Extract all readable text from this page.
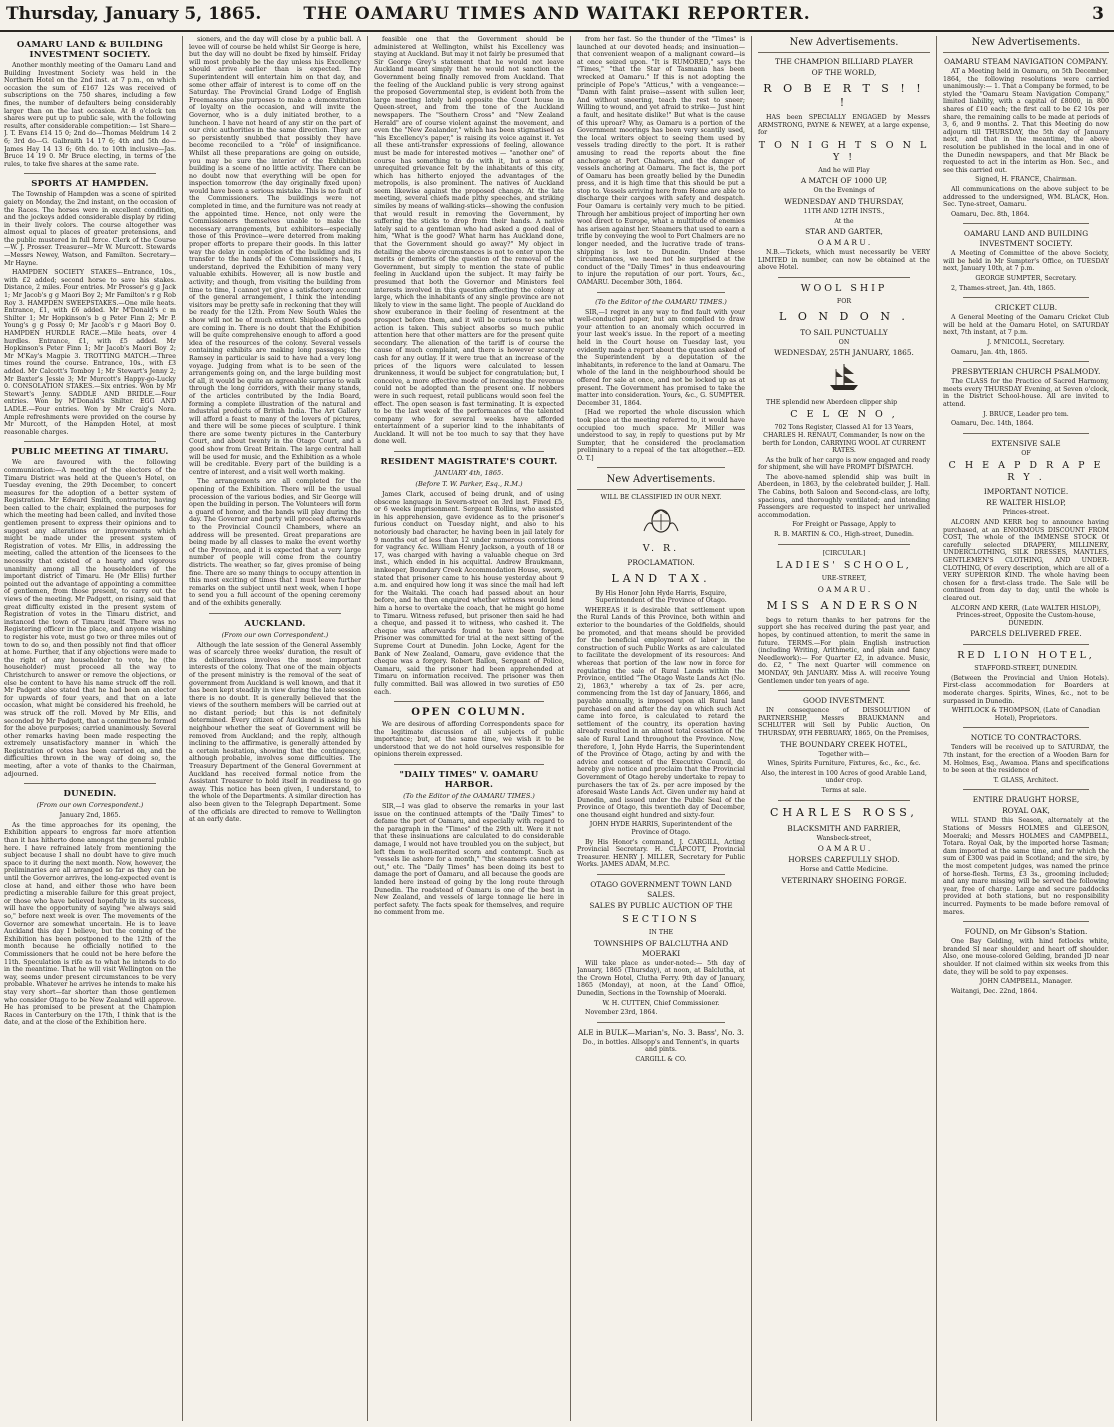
Thursday, January 5, 1865.	THE OAMARU TIMES AND WAITAKI REPORTER.	3
OAMARU LAND & BUILDING INVESTMENT SOCIETY.

Another monthly meeting of the Oamaru Land and Building Investment Society was held in the Northern Hotel on the 2nd inst. at 7 p.m., on which occasion the sum of £167 12s was received of subscriptions on the 750 shares, including a few fines, the number of defaulters being considerably larger than on the last occasion. At 8 o'clock ten shares were put up to public sale, with the following results, after considerable competition:— 1st Share—J. T. Evans £14 15 0; 2nd do—Thomas Meldrum 14 2 6; 3rd do—G. Galbraith 14 17 6; 4th and 5th do—James Hay 14 13 6; 6th do. to 10th inclusive—Jas. Bruce 14 19 0. Mr Bruce electing, in terms of the rules, to take five shares at the same rate.

SPORTS AT HAMPDEN.

The Township of Hampden was a scene of spirited gaiety on Monday, the 2nd instant, on the occasion of the Races. The horses were in excellent condition, and the jockeys added considerable display by riding in their lively colors. The course altogether was almost equal to places of greater pretensions, and the public mustered in full force. Clerk of the Course—W. J. Prosser. Treasurer—Mr W. Murcott. Stewards—Messrs Newey, Watson, and Familton. Secretary—Mr Hayne.

HAMPDEN SOCIETY STAKES—Entrance, 10s., with £2 added; second horse to save his stakes. Distance, 2 miles. Four entries. Mr Prosser's g g Jack 1; Mr Jacob's g g Maori Boy 2; Mr Familton's r g Rob Roy 3. HAMPDEN SWEEPSTAKES.—One mile heats. Entrance, £1, with £6 added. Mr M'Donald's c m Shilter 1; Mr Hopkinson's b g Peter Finn 2; Mr P. Young's g g Possy 0; Mr Jacob's r g Maori Boy 0. HAMPDEN HURDLE RACE.—Mile heats, over 4 hurdles. Entrance, £1, with £5 added. Mr Hopkinson's Peter Finn 1; Mr Jacob's Maori Boy 2; Mr M'Kay's Magpie 3. TROTTING MATCH.—Three times round the course. Entrance, 10s., with £3 added. Mr Calcott's Tomboy 1; Mr Stewart's Jenny 2; Mr Baxter's Jessie 3; Mr Murcott's Happy-go-Lucky 0. CONSOLATION STAKES.—Six entries. Won by Mr Stewart's Jenny. SADDLE AND BRIDLE.—Four entries. Won by M'Donald's Shilter. EGG AND LADLE.—Four entries. Won by Mr Craig's Nora. Ample refreshments were provided on the course by Mr Murcott, of the Hampden Hotel, at most reasonable charges.

PUBLIC MEETING AT TIMARU.

We are favoured with the following communication:—A meeting of the electors of the Timaru District was held at the Queen's Hotel, on Tuesday evening, the 29th December, to concert measures for the adoption of a better system of Registration. Mr Edward Smith, contractor, having been called to the chair, explained the purposes for which the meeting had been called, and invited those gentlemen present to express their opinions and to suggest any alterations or improvements which might be made under the present system of Registration of votes. Mr Ellis, in addressing the meeting, called the attention of the licensees to the necessity that existed of a hearty and vigorous unanimity among all the householders of the important district of Timaru. He (Mr Ellis) further pointed out the advantage of appointing a committee of gentlemen, from those present, to carry out the views of the meeting. Mr Padgett, on rising, said that great difficulty existed in the present system of Registration of votes in the Timaru district, and instanced the town of Timaru itself. There was no Registering officer in the place, and anyone wishing to register his vote, must go two or three miles out of town to do so, and then possibly not find that officer at home. Further, that if any objections were made to the right of any householder to vote, he (the householder) must proceed all the way to Christchurch to answer or remove the objections, or else be content to have his name struck off the roll. Mr Padgett also stated that he had been an elector for upwards of four years, and that on a late occasion, what might be considered his freehold, he was struck off the roll. Moved by Mr Ellis, and seconded by Mr Padgett, that a committee be formed for the above purposes; carried unanimously. Several other remarks having been made respecting the extremely unsatisfactory manner in which the Registration of votes has been carried on, and the difficulties thrown in the way of doing so, the meeting, after a vote of thanks to the Chairman, adjourned.

DUNEDIN.
(From our own Correspondent.)

January 2nd, 1865.

As the time approaches for its opening, the Exhibition appears to engross far more attention than it has hitherto done amongst the general public here. I have refrained lately from mentioning the subject because I shall no doubt have to give much space to it during the next month. Now, however, the preliminaries are all arranged so far as they can be until the Governor arrives, the long-expected event is close at hand, and either those who have been predicting a miserable failure for this great project, or those who have believed hopefully in its success, will have the opportunity of saying "we always said so," before next week is over. The movements of the Governor are somewhat uncertain. He is to leave Auckland this day I believe, but the coming of the Exhibition has been postponed to the 12th of the month because he officially notified to the Commissioners that he could not be here before the 11th. Speculation is rife as to what he intends to do in the meantime. That he will visit Wellington on the way, seems under present circumstances to be very probable. Whatever he arrives he intends to make his stay very short—far shorter than those gentlemen who consider Otago to be New Zealand will approve. He has promised to be present at the Champion Races in Canterbury on the 17th, I think that is the date, and at the close of the Exhibition here.

sioners, and the day will close by a public ball. A levee will of course be held whilst Sir George is here, but the day will no doubt be fixed by himself. Friday will most probably be the day unless his Excellency should arrive earlier than is expected. The Superintendent will entertain him on that day, and some other affair of interest is to come off on the Saturday. The Provincial Grand Lodge of English Freemasons also purposes to make a demonstration of loyalty on the occasion, and will invite the Governor, who is a duly initiated brother, to a luncheon. I have not heard of any stir on the part of our civic authorities in the same direction. They are so persistently snubbed that possibly they have become reconciled to a "rôle" of insignificance. Whilst all these preparations are going on outside, you may be sure the interior of the Exhibition building is a scene of no little activity. There can be no doubt now that everything will be open for inspection tomorrow (the day originally fixed upon) would have been a serious mistake. This is no fault of the Commissioners. The buildings were not completed in time, and the furniture was not ready at the appointed time. Hence, not only were the Commissioners themselves unable to make the necessary arrangements, but exhibitors—especially those of this Province—were deterred from making proper efforts to prepare their goods. In this latter way the delay in completion of the building and its transfer to the hands of the Commissioners has, I understand, deprived the Exhibition of many very valuable exhibits. However, all is now bustle and activity; and though, from visiting the building from time to time, I cannot yet give a satisfactory account of the general arrangement, I think the intending visitors may be pretty safe in reckoning that they will be ready for the 12th. From New South Wales the show will not be of much extent. Shiploads of goods are coming in. There is no doubt that the Exhibition will be quite comprehensive enough to afford a good idea of the resources of the colony. Several vessels containing exhibits are making long passages; the Ramsey in particular is said to have had a very long voyage. Judging from what is to be seen of the arrangements going on, and the large building most of all, it would be quite an agreeable surprise to walk through the long corridors, with their many stands, of the articles contributed by the India Board, forming a complete illustration of the natural and industrial products of British India. The Art Gallery will afford a feast to many of the lovers of pictures, and there will be some pieces of sculpture. I think there are some twenty pictures in the Canterbury Court, and about twenty in the Otago Court, and a good show from Great Britain. The large central hall will be used for music, and the Exhibition as a whole will be creditable. Every part of the building is a centre of interest, and a visit well worth making.

The arrangements are all completed for the opening of the Exhibition. There will be the usual procession of the various bodies, and Sir George will open the building in person. The Volunteers will form a guard of honor, and the bands will play during the day. The Governor and party will proceed afterwards to the Provincial Council Chambers, where an address will be presented. Great preparations are being made by all classes to make the event worthy of the Province, and it is expected that a very large number of people will come from the country districts. The weather, so far, gives promise of being fine. There are so many things to occupy attention in this most exciting of times that I must leave further remarks on the subject until next week, when I hope to send you a full account of the opening ceremony and of the exhibits generally.

AUCKLAND.
(From our own Correspondent.)

Although the late session of the General Assembly was of scarcely three weeks' duration, the result of its deliberations involves the most important interests of the colony. That one of the main objects of the present ministry is the removal of the seat of government from Auckland is well known, and that it has been kept steadily in view during the late session there is no doubt. It is generally believed that the views of the southern members will be carried out at no distant period; but this is not definitely determined. Every citizen of Auckland is asking his neighbour whether the seat of Government will be removed from Auckland; and the reply, although inclining to the affirmative, is generally attended by a certain hesitation, showing that the contingency, although probable, involves some difficulties. The Treasury Department of the General Government at Auckland has received formal notice from the Assistant Treasurer to hold itself in readiness to go away. This notice has been given, I understand, to the whole of the Departments. A similar direction has also been given to the Telegraph Department. Some of the officials are directed to remove to Wellington at an early date.

feasible one that the Government should be administered at Wellington, whilst his Excellency was staying at Auckland. But may it not fairly be presumed that Sir George Grey's statement that he would not leave Auckland meant simply that he would not sanction the Government being finally removed from Auckland. That the feeling of the Auckland public is very strong against the proposed Governmental step, is evident both from the large meeting lately held opposite the Court house in Queen-street, and from the tone of the Auckland newspapers. The "Southern Cross" and "New Zealand Herald" are of course violent against the movement, and even the "New Zealander," which has been stigmatised as "his Excellency's paper," is raising its voice against it. Yet all these anti-transfer expressions of feeling, allowance must be made for interested motives — "another one" of course has something to do with it, but a sense of unrequited grievance felt by the inhabitants of this city, which has hitherto enjoyed the advantages of the metropolis, is also prominent. The natives of Auckland seem likewise against the proposed change. At the late meeting, several chiefs made pithy speeches, and striking similes by means of walking-sticks—showing the confusion that would result in removing the Government, by suffering the sticks to drop from their hands. A native lately said to a gentleman who had asked a good deal of him, "What is the good? What harm has Auckland done, that the Government should go away?" My object in detailing the above circumstances is not to enter upon the merits or demerits of the question of the removal of the Government, but simply to mention the state of public feeling in Auckland upon the subject. It may fairly be presumed that both the Governor and Ministers feel interests involved in this question affecting the colony at large, which the inhabitants of any single province are not likely to view in the same light. The people of Auckland do show exuberance in their feeling of resentment at the prospect before them, and it will be curious to see what action is taken. This subject absorbs so much public attention here that other matters are for the present quite secondary. The alienation of the tariff is of course the cause of much complaint, and there is however scarcely cash for any outlay. If it were true that an increase of the prices of the liquors were calculated to lessen drunkenness, it would be subject for congratulation; but, I conceive, a more effective mode of increasing the revenue could not be adopted than the present one. If nobbers were in such request, retail publicans would soon feel the effect. The open season is fast terminating. It is expected to be the last week of the performances of the talented company who for several weeks have afforded entertainment of a superior kind to the inhabitants of Auckland. It will not be too much to say that they have done well.

RESIDENT MAGISTRATE'S COURT.
JANUARY 4th, 1865.
(Before T. W. Parker, Esq., R.M.)

James Clark, accused of being drunk, and of using obscene language in Severn-street on 3rd inst. Fined £5, or 6 weeks imprisonment. Sergeant Rollins, who assisted in his apprehension, gave evidence as to the prisoner's furious conduct on Tuesday night, and also to his notoriously bad character, he having been in jail lately for 9 months out of less than 12 under numerous convictions for vagrancy &c. William Henry Jackson, a youth of 18 or 17, was charged with having a valuable cheque on 3rd inst., which ended in his acquittal. Andrew Braukmann, innkeeper, Boundary Creek Accommodation House, sworn, stated that prisoner came to his house yesterday about 9 a.m. and enquired how long it was since the mail had left for the Waitaki. The coach had passed about an hour before, and he then enquired whether witness would lend him a horse to overtake the coach, that he might go home to Timaru. Witness refused, but prisoner then said he had a cheque, and passed it to witness, who cashed it. The cheque was afterwards found to have been forged. Prisoner was committed for trial at the next sitting of the Supreme Court at Dunedin. John Locke, Agent for the Bank of New Zealand, Oamaru, gave evidence that the cheque was a forgery. Robert Ballon, Sergeant of Police, Oamaru, said the prisoner had been apprehended at Timaru on information received. The prisoner was then fully committed. Bail was allowed in two sureties of £50 each.

OPEN COLUMN.

We are desirous of affording Correspondents space for the legitimate discussion of all subjects of public importance; but, at the same time, we wish it to be understood that we do not hold ourselves responsible for opinions therein expressed.

"DAILY TIMES" V. OAMARU HARBOR.
(To the Editor of the OAMARU TIMES.)

SIR,—I was glad to observe the remarks in your last issue on the continued attempts of the "Daily Times" to defame the port of Oamaru, and especially with regard to the paragraph in the "Times" of the 29th ult. Were it not that these insinuations are calculated to do considerable damage, I would not have troubled you on the subject, but left them to well-merited scorn and contempt. Such as "vessels lie ashore for a month," "the steamers cannot get out," etc. The "Daily Times" has been doing its best to damage the port of Oamaru, and all because the goods are landed here instead of going by the long route through Dunedin. The roadstead of Oamaru is one of the best in New Zealand, and vessels of large tonnage lie here in perfect safety. The facts speak for themselves, and require no comment from me.

from her fast. So the thunder of the "Times" is launched at our devoted heads; and insinuation—that convenient weapon of a malignant coward—is at once seized upon. "It is RUMORED," says the "Times," "that the Star of Tasmania has been wrecked at Oamaru." If this is not adopting the principle of Pope's "Atticus," with a vengeance:— "Damn with faint praise—assent with sullen leer, And without sneering, teach the rest to sneer; Willing to wound, and yet afraid to strike— Just hint a fault, and hesitate dislike!" But what is the cause of this uproar? Why, as Oamaru is a portion of the Government moorings has been very scantily used, the local writers object to seeing them used by vessels trading directly to the port. It is rather amusing to read the reports about the fine anchorage at Port Chalmers, and the danger of vessels anchoring at Oamaru. The fact is, the port of Oamaru has been greatly belied by the Dunedin press, and it is high time that this should be put a stop to. Vessels arriving here from Home are able to discharge their cargoes with safety and despatch. Four Oamaru is certainly very much to be pitied. Through her ambitious project of importing her own wool direct to Europe, what a multitude of enemies has arisen against her. Steamers that used to earn a trifle by conveying the wool to Port Chalmers are no longer needed, and the lucrative trade of trans-shipping is lost to Dunedin. Under these circumstances, we need not be surprised at the conduct of the "Daily Times" in thus endeavouring to injure the reputation of our port. Yours, &c., OAMARU. December 30th, 1864.

(To the Editor of the OAMARU TIMES.)

SIR,—I regret in any way to find fault with your well-conducted paper, but am compelled to draw your attention to an anomaly which occurred in your last week's issue. In the report of a meeting held in the Court house on Tuesday last, you evidently made a report about the question asked of the Superintendent by a deputation of the inhabitants, in reference to the land at Oamaru. The whole of the land in the neighbourhood should be offered for sale at once, and not be locked up as at present. The Government has promised to take the matter into consideration. Yours, &c., G. SUMPTER. December 31, 1864.

[Had we reported the whole discussion which took place at the meeting referred to, it would have occupied too much space. Mr Miller was understood to say, in reply to questions put by Mr Sumpter, that he considered the proclamation preliminary to a repeal of the tax altogether.—ED. O. T.]

New Advertisements.

WILL BE CLASSIFIED IN OUR NEXT.

V. R.

PROCLAMATION.

LAND TAX.

By His Honor John Hyde Harris, Esquire, Superintendent of the Province of Otago.

WHEREAS it is desirable that settlement upon the Rural Lands of this Province, both within and exterior to the boundaries of the Goldfields, should be promoted, and that means should be provided for the beneficial employment of labor in the construction of such Public Works as are calculated to facilitate the development of its resources: And whereas that portion of the law now in force for regulating the sale of Rural Lands within the Province, entitled "The Otago Waste Lands Act (No. 2), 1863," whereby a tax of 2s. per acre, commencing from the 1st day of January, 1866, and payable annually, is imposed upon all Rural land purchased on and after the day on which such Act came into force, is calculated to retard the settlement of the country, its operation having already resulted in an almost total cessation of the sale of Rural Land throughout the Province. Now, therefore, I, John Hyde Harris, the Superintendent of the Province of Otago, acting by and with the advice and consent of the Executive Council, do hereby give notice and proclaim that the Provincial Government of Otago hereby undertake to repay to purchasers the tax of 2s. per acre imposed by the aforesaid Waste Lands Act. Given under my hand at Dunedin, and issued under the Public Seal of the Province of Otago, this twentieth day of December, one thousand eight hundred and sixty-four.

JOHN HYDE HARRIS, Superintendent of the Province of Otago.

By His Honor's command, J. CARGILL, Acting Provincial Secretary. H. CLAPCOTT, Provincial Treasurer. HENRY J. MILLER, Secretary for Public Works. JAMES ADAM, M.P.C.

OTAGO GOVERNMENT TOWN LAND SALES.

SALES BY PUBLIC AUCTION OF THE

SECTIONS

IN THE

TOWNSHIPS OF BALCLUTHA AND MOERAKI

Will take place as under-noted:— 5th day of January, 1865 (Thursday), at noon, at Balclutha, at the Crown Hotel, Clutha Ferry. 9th day of January, 1865 (Monday), at noon, at the Land Office, Dunedin, Sections in the Township of Moeraki.

W. H. CUTTEN, Chief Commissioner.

November 23rd, 1864.

ALE in BULK—Marian's, No. 3. Bass', No. 3.

Do., in bottles. Allsopp's and Tennent's, in quarts and pints.

CARGILL & CO.

New Advertisements.

THE CHAMPION BILLIARD PLAYER

OF THE WORLD,

R O B E R T S ! ! !

HAS been SPECIALLY ENGAGED by Messrs ARMSTRONG, PAYNE & NEWEY, at a large expense, for

T O N I G H T S O N L Y !

And he will Play

A MATCH OF 1000 UP,

On the Evenings of

WEDNESDAY AND THURSDAY,

11TH AND 12TH INSTS.,

At the

STAR AND GARTER,

O A M A R U .

N.B.—Tickets, which must necessarily be VERY LIMITED in number, can now be obtained at the above Hotel.

WOOL SHIP

FOR

L O N D O N .

TO SAIL PUNCTUALLY

ON

WEDNESDAY, 25TH JANUARY, 1865.

THE splendid new Aberdeen clipper ship

C E L Œ N O ,

702 Tons Register, Classed A1 for 13 Years, CHARLES H. RENAUT, Commander, Is now on the berth for London, CARRYING WOOL AT CURRENT RATES.

As the bulk of her cargo is now engaged and ready for shipment, she will have PROMPT DISPATCH.

The above-named splendid ship was built in Aberdeen, in 1863, by the celebrated builder, J. Hall. The Cabins, both Saloon and Second-class, are lofty, spacious, and thoroughly ventilated; and intending Passengers are requested to inspect her unrivalled accommodation.

For Freight or Passage, Apply to

R. B. MARTIN & CO., High-street, Dunedin.

[CIRCULAR.]

LADIES' SCHOOL,

URE-STREET,

O A M A R U .

MISS ANDERSON

begs to return thanks to her patrons for the support she has received during the past year, and hopes, by continued attention, to merit the same in future. TERMS.—For plain English instruction (including Writing, Arithmetic, and plain and fancy Needlework):— For Quarter £2, in advance. Music, do. £2, " The next Quarter will commence on MONDAY, 9th JANUARY. Miss A. will receive Young Gentlemen under ten years of age.

GOOD INVESTMENT.

IN consequence of DISSOLUTION of PARTNERSHIP, Messrs BRAUKMANN and SCHLUTER will Sell by Public Auction, On THURSDAY, 9TH FEBRUARY, 1865, On the Premises,

THE BOUNDARY CREEK HOTEL,

Together with—

Wines, Spirits Furniture, Fixtures, &c., &c., &c.

Also, the interest in 100 Acres of good Arable Land, under crop.

Terms at sale.

CHARLES ROSS,

BLACKSMITH AND FARRIER,

Wansbeck-street,

O A M A R U .

HORSES CAREFULLY SHOD.

Horse and Cattle Medicine.

VETERINARY SHOEING FORGE.

New Advertisements.

OAMARU STEAM NAVIGATION COMPANY.

AT a Meeting held in Oamaru, on 5th December, 1864, the following resolutions were carried unanimously:— 1. That a Company be formed, to be styled the "Oamaru Steam Navigation Company," limited liability, with a capital of £8000, in 800 shares of £10 each; the first call to be £2 10s per share, the remaining calls to be made at periods of 3, 6, and 9 months. 2. That this Meeting do now adjourn till THURSDAY, the 5th day of January next, and that in the meantime, the above resolution be published in the local and in one of the Dunedin newspapers, and that Mr Black be requested to act in the interim as Hon. Sec., and see this carried out.

Signed, H. FRANCE, Chairman.

All communications on the above subject to be addressed to the undersigned, WM. BLACK, Hon. Sec. Tyne-street, Oamaru.

Oamaru, Dec. 8th, 1864.

OAMARU LAND AND BUILDING INVESTMENT SOCIETY.

A Meeting of Committee of the above Society, will be held in Mr Sumpter's Office, on TUESDAY next, January 10th, at 7 p.m.

GEORGE SUMPTER, Secretary.

2, Thames-street, Jan. 4th, 1865.

CRICKET CLUB.

A General Meeting of the Oamaru Cricket Club will be held at the Oamaru Hotel, on SATURDAY next, 7th instant, at 7 p.m.

J. M'NICOLL, Secretary.

Oamaru, Jan. 4th, 1865.

PRESBYTERIAN CHURCH PSALMODY.

The CLASS for the Practice of Sacred Harmony, meets every THURSDAY Evening, at Seven o'clock, in the District School-house. All are invited to attend.

J. BRUCE, Leader pro tem.

Oamaru, Dec. 14th, 1864.

EXTENSIVE SALE

OF

C H E A P D R A P E R Y .

IMPORTANT NOTICE.

RE WALTER HISLOP,

Princes-street.

ALCORN AND KERR beg to announce having purchased, at an ENORMOUS DISCOUNT FROM COST, The whole of the IMMENSE STOCK Of carefully selected DRAPERY, MILLINERY, UNDERCLOTHING, SILK DRESSES, MANTLES, GENTLEMEN'S CLOTHING, AND UNDER-CLOTHING, Of every description, which are all of a VERY SUPERIOR KIND. The whole having been chosen for a first-class trade. The Sale will be continued from day to day, until the whole is cleared out.

ALCORN AND KERR, (Late WALTER HISLOP), Princes-street, Opposite the Custom-house, DUNEDIN.

PARCELS DELIVERED FREE.

RED LION HOTEL,

STAFFORD-STREET, DUNEDIN.

(Between the Provincial and Union Hotels). First-class accommodation for Boarders at moderate charges. Spirits, Wines, &c., not to be surpassed in Dunedin.

WHITLOCK & THOMPSON, (Late of Canadian Hotel), Proprietors.

NOTICE TO CONTRACTORS.

Tenders will be received up to SATURDAY, the 7th instant, for the erection of a Wooden Barn for M. Holmes, Esq., Awamoa. Plans and specifications to be seen at the residence of

T. GLASS, Architect.

ENTIRE DRAUGHT HORSE,

ROYAL OAK,

WILL STAND this Season, alternately at the Stations of Messrs HOLMES and GLEESON, Moeraki; and Messrs HOLMES and CAMPBELL, Totara. Royal Oak, by the imported horse Tasman; dam imported at the same time, and for which the sum of £300 was paid in Scotland; and the sire, by the most competent judges, was named the prince of horse-flesh. Terms, £3 3s., grooming included; and any mare missing will be served the following year, free of charge. Large and secure paddocks provided at both stations, but no responsibility incurred. Payments to be made before removal of mares.

FOUND, on Mr Gibson's Station.

One Bay Gelding, with hind fetlocks white, branded SI near shoulder, and heart off shoulder. Also, one mouse-colored Gelding, branded JD near shoulder. If not claimed within six weeks from this date, they will be sold to pay expenses.

JOHN CAMPBELL, Manager.

Waitangi, Dec. 22nd, 1864.
